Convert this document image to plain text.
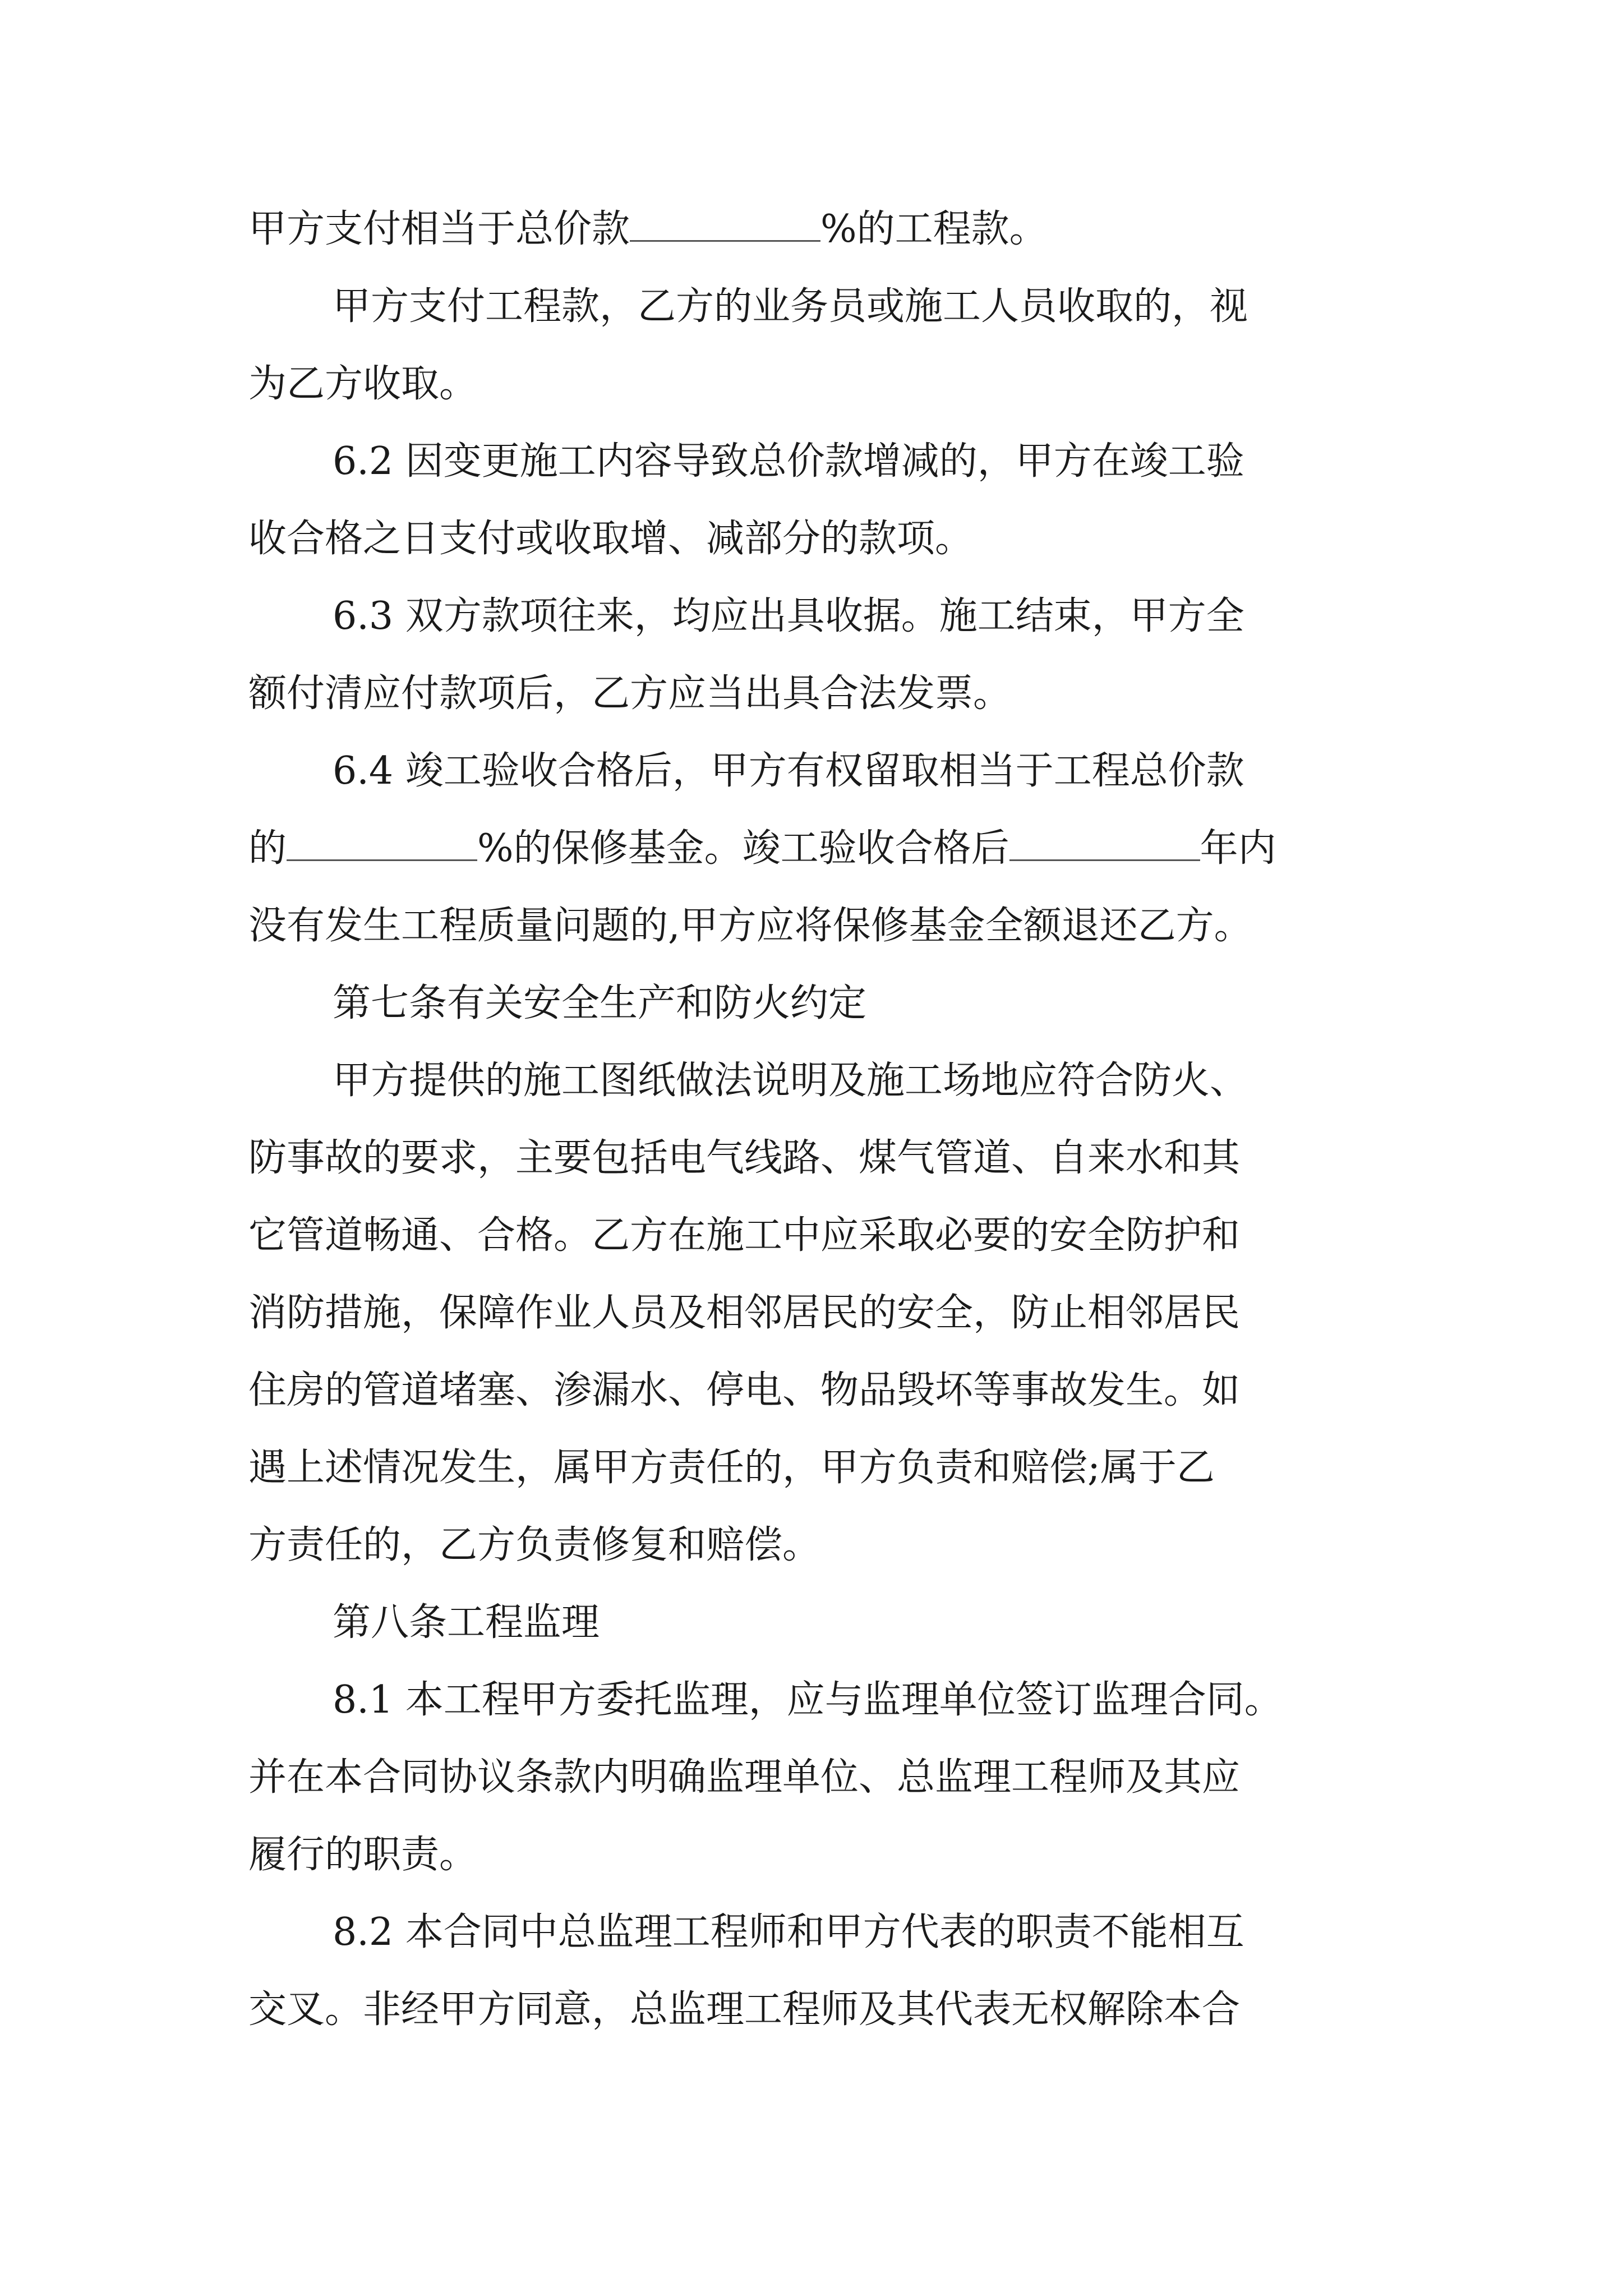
甲方支付相当于总价款	%的工程款。
甲方支付工程款，乙方的业务员或施工人员收取的，视
为乙方收取。
6.2 因变更施工内容导致总价款增减的，甲方在竣工验
收合格之日支付或收取增、减部分的款项。
6.3 双方款项往来，均应出具收据。施工结束，甲方全
额付清应付款项后，乙方应当出具合法发票。
6.4 竣工验收合格后，甲方有权留取相当于工程总价款
的	%的保修基金。竣工验收合格后	年内
没有发生工程质量问题的,甲方应将保修基金全额退还乙方。
第七条有关安全生产和防火约定
甲方提供的施工图纸做法说明及施工场地应符合防火、
防事故的要求，主要包括电气线路、煤气管道、自来水和其
它管道畅通、合格。乙方在施工中应采取必要的安全防护和
消防措施，保障作业人员及相邻居民的安全，防止相邻居民
住房的管道堵塞、渗漏水、停电、物品毁坏等事故发生。如
遇上述情况发生，属甲方责任的，甲方负责和赔偿;属于乙
方责任的，乙方负责修复和赔偿。
第八条工程监理
8.1 本工程甲方委托监理，应与监理单位签订监理合同。
并在本合同协议条款内明确监理单位、总监理工程师及其应
履行的职责。
8.2 本合同中总监理工程师和甲方代表的职责不能相互
交叉。非经甲方同意，总监理工程师及其代表无权解除本合
